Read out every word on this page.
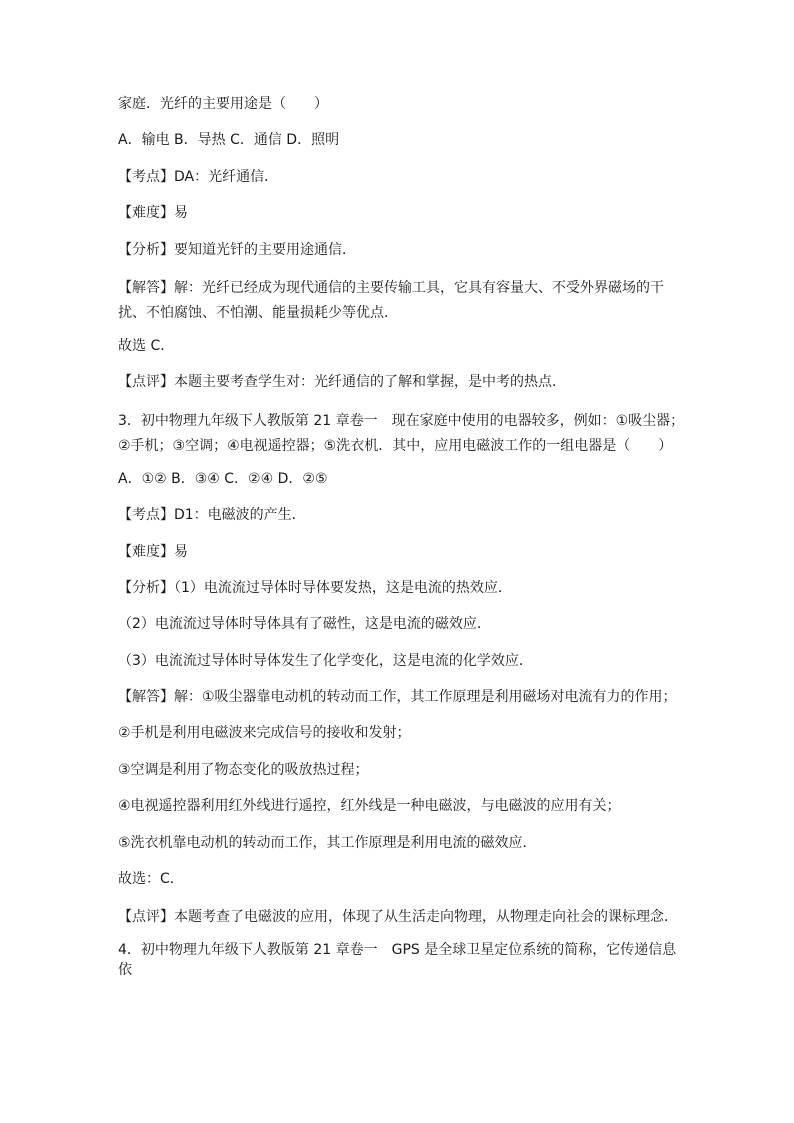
家庭．光纤的主要用途是（　　）

A．输电 B．导热 C．通信 D．照明

【考点】DA：光纤通信．

【难度】易

【分析】要知道光钎的主要用途通信．

【解答】解：光纤已经成为现代通信的主要传输工具，它具有容量大、不受外界磁场的干扰、不怕腐蚀、不怕潮、能量损耗少等优点．

故选 C．

【点评】本题主要考查学生对：光纤通信的了解和掌握，是中考的热点．

3．初中物理九年级下人教版第 21 章卷一　现在家庭中使用的电器较多，例如：①吸尘器；②手机；③空调；④电视遥控器；⑤洗衣机．其中，应用电磁波工作的一组电器是（　　）

A．①② B．③④ C．②④ D．②⑤

【考点】D1：电磁波的产生．

【难度】易

【分析】（1）电流流过导体时导体要发热，这是电流的热效应．

（2）电流流过导体时导体具有了磁性，这是电流的磁效应．

（3）电流流过导体时导体发生了化学变化，这是电流的化学效应．

【解答】解：①吸尘器靠电动机的转动而工作，其工作原理是利用磁场对电流有力的作用；

②手机是利用电磁波来完成信号的接收和发射；

③空调是利用了物态变化的吸放热过程；

④电视遥控器利用红外线进行遥控，红外线是一种电磁波，与电磁波的应用有关；

⑤洗衣机靠电动机的转动而工作，其工作原理是利用电流的磁效应．

故选：C．

【点评】本题考查了电磁波的应用，体现了从生活走向物理，从物理走向社会的课标理念．

4．初中物理九年级下人教版第 21 章卷一　GPS 是全球卫星定位系统的简称，它传递信息依
